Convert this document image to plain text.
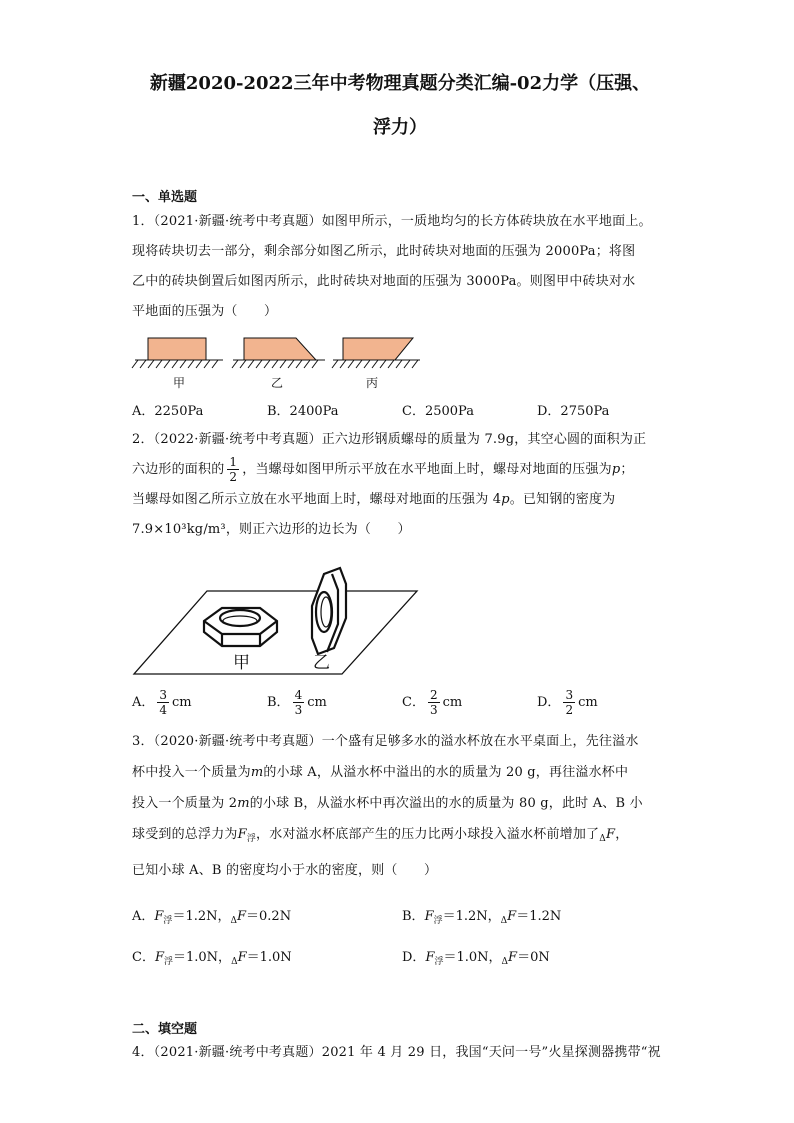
新疆2020-2022三年中考物理真题分类汇编-02力学（压强、
浮力）
一、单选题

1．（2021·新疆·统考中考真题）如图甲所示，一质地均匀的长方体砖块放在水平地面上。

现将砖块切去一部分，剩余部分如图乙所示，此时砖块对地面的压强为 2000Pa；将图

乙中的砖块倒置后如图丙所示，此时砖块对地面的压强为 3000Pa。则图甲中砖块对水

平地面的压强为（　　）

甲	乙	丙
A．2250Pa	B．2400Pa	C．2500Pa	D．2750Pa

2．（2022·新疆·统考中考真题）正六边形钢质螺母的质量为 7.9g，其空心圆的面积为正

六边形的面积的 $\frac{1}{2}$ ，当螺母如图甲所示平放在水平地面上时，螺母对地面的压强为p；

当螺母如图乙所示立放在水平地面上时，螺母对地面的压强为 4p。已知钢的密度为

7.9×10³kg/m³，则正六边形的边长为（　　）

甲	乙
A． $\frac{3}{4}$ cm	B． $\frac{4}{3}$ cm	C． $\frac{2}{3}$ cm	D． $\frac{3}{2}$ cm

3．（2020·新疆·统考中考真题）一个盛有足够多水的溢水杯放在水平桌面上，先往溢水

杯中投入一个质量为m的小球 A，从溢水杯中溢出的水的质量为 20 g，再往溢水杯中

投入一个质量为 2m的小球 B，从溢水杯中再次溢出的水的质量为 80 g，此时 A、B 小

球受到的总浮力为$F_浮$，水对溢水杯底部产生的压力比两小球投入溢水杯前增加了$_\Delta$F，

已知小球 A、B 的密度均小于水的密度，则（　　）

A．$F_浮=1.2N$，$_\Delta$F＝0.2N	B．$F_浮=1.2N$，$_\Delta$F＝1.2N
C．$F_浮=1.0N$，$_\Delta$F＝1.0N	D．$F_浮=1.0N$，$_\Delta$F＝0N
二、填空题

4．（2021·新疆·统考中考真题）2021 年 4 月 29 日，我国“天问一号”火星探测器携带“祝
